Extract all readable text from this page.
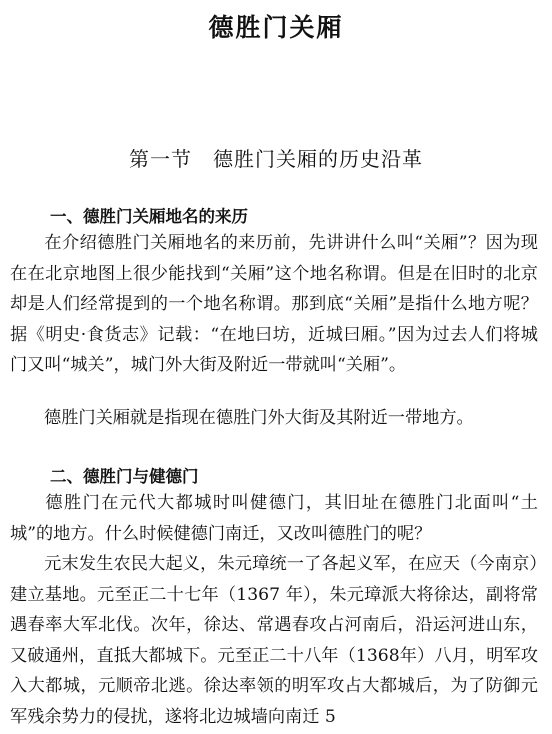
德胜门关厢
第一节　德胜门关厢的历史沿革
一、德胜门关厢地名的来历

在介绍德胜门关厢地名的来历前，先讲讲什么叫“关厢”？因为现在在北京地图上很少能找到“关厢”这个地名称谓。但是在旧时的北京却是人们经常提到的一个地名称谓。那到底“关厢”是指什么地方呢？据《明史·食货志》记载：“在地曰坊，近城曰厢。”因为过去人们将城门又叫“城关”，城门外大街及附近一带就叫“关厢”。

德胜门关厢就是指现在德胜门外大街及其附近一带地方。

二、德胜门与健德门

德胜门在元代大都城时叫健德门，其旧址在德胜门北面叫“土城”的地方。什么时候健德门南迁，又改叫德胜门的呢？

元末发生农民大起义，朱元璋统一了各起义军，在应天（今南京）建立基地。元至正二十七年（1367 年），朱元璋派大将徐达，副将常遇春率大军北伐。次年，徐达、常遇春攻占河南后，沿运河进山东，又破通州，直抵大都城下。元至正二十八年（1368年）八月，明军攻入大都城，元顺帝北逃。徐达率领的明军攻占大都城后，为了防御元军残余势力的侵扰，遂将北边城墙向南迁 5
